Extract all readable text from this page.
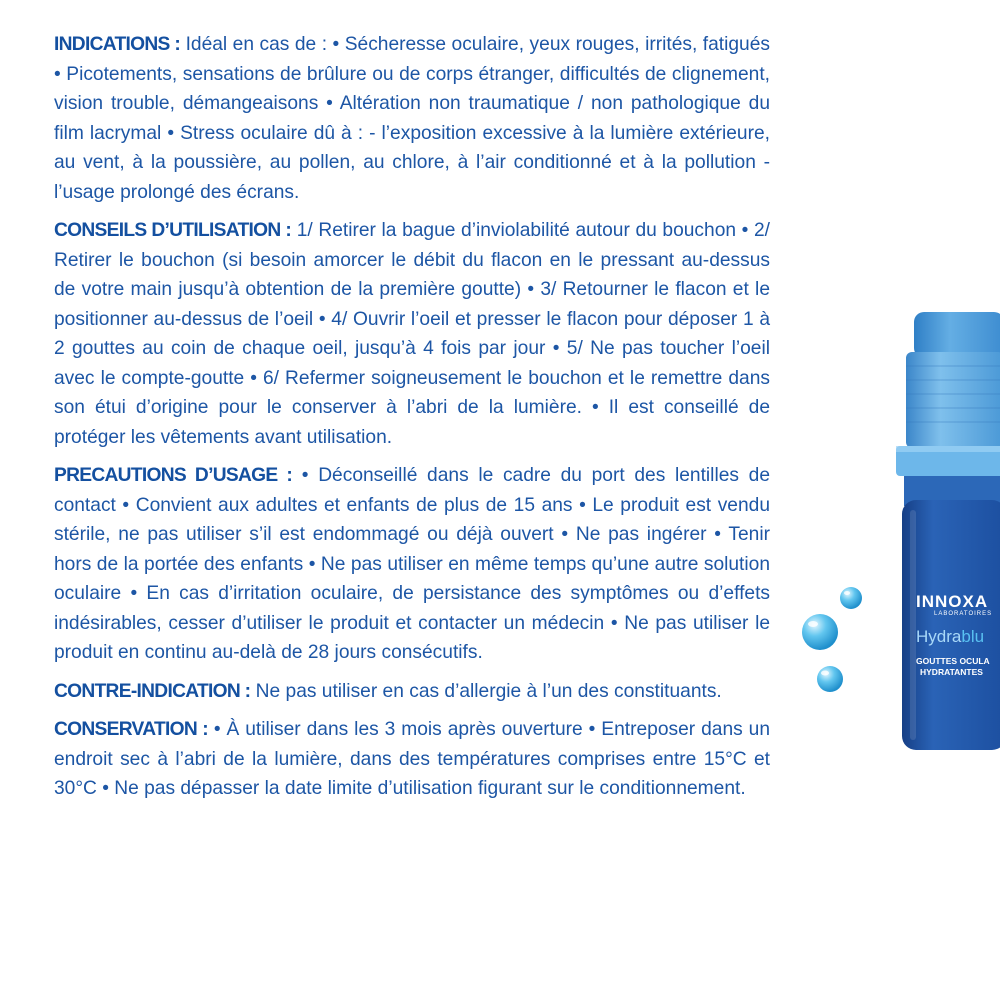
INDICATIONS : Idéal en cas de : • Sécheresse oculaire, yeux rouges, irrités, fatigués • Picotements, sensations de brûlure ou de corps étranger, difficultés de clignement, vision trouble, démangeaisons • Altération non traumatique / non pathologique du film lacrymal • Stress oculaire dû à : - l’exposition excessive à la lumière extérieure, au vent, à la poussière, au pollen, au chlore, à l’air conditionné et à la pollution - l’usage prolongé des écrans.

CONSEILS D’UTILISATION : 1/ Retirer la bague d’inviolabilité autour du bouchon • 2/ Retirer le bouchon (si besoin amorcer le débit du flacon en le pressant au-dessus de votre main jusqu’à obtention de la première goutte) • 3/ Retourner le flacon et le positionner au-dessus de l’oeil • 4/ Ouvrir l’oeil et presser le flacon pour déposer 1 à 2 gouttes au coin de chaque oeil, jusqu’à 4 fois par jour • 5/ Ne pas toucher l’oeil avec le compte-goutte • 6/ Refermer soigneusement le bouchon et le remettre dans son étui d’origine pour le conserver à l’abri de la lumière. • Il est conseillé de protéger les vêtements avant utilisation.

PRECAUTIONS D’USAGE : • Déconseillé dans le cadre du port des lentilles de contact • Convient aux adultes et enfants de plus de 15 ans • Le produit est vendu stérile, ne pas utiliser s’il est endommagé ou déjà ouvert • Ne pas ingérer • Tenir hors de la portée des enfants • Ne pas utiliser en même temps qu’une autre solution oculaire • En cas d’irritation oculaire, de persistance des symptômes ou d’effets indésirables, cesser d’utiliser le produit et contacter un médecin • Ne pas utiliser le produit en continu au-delà de 28 jours consécutifs.

CONTRE-INDICATION : Ne pas utiliser en cas d’allergie à l’un des constituants.

CONSERVATION : • À utiliser dans les 3 mois après ouverture • Entreposer dans un endroit sec à l’abri de la lumière, dans des températures comprises entre 15°C et 30°C • Ne pas dépasser la date limite d’utilisation figurant sur le conditionnement.

INNOXA
LABORATOIRES
Hydrablu
GOUTTES OCULA
HYDRATANTES
